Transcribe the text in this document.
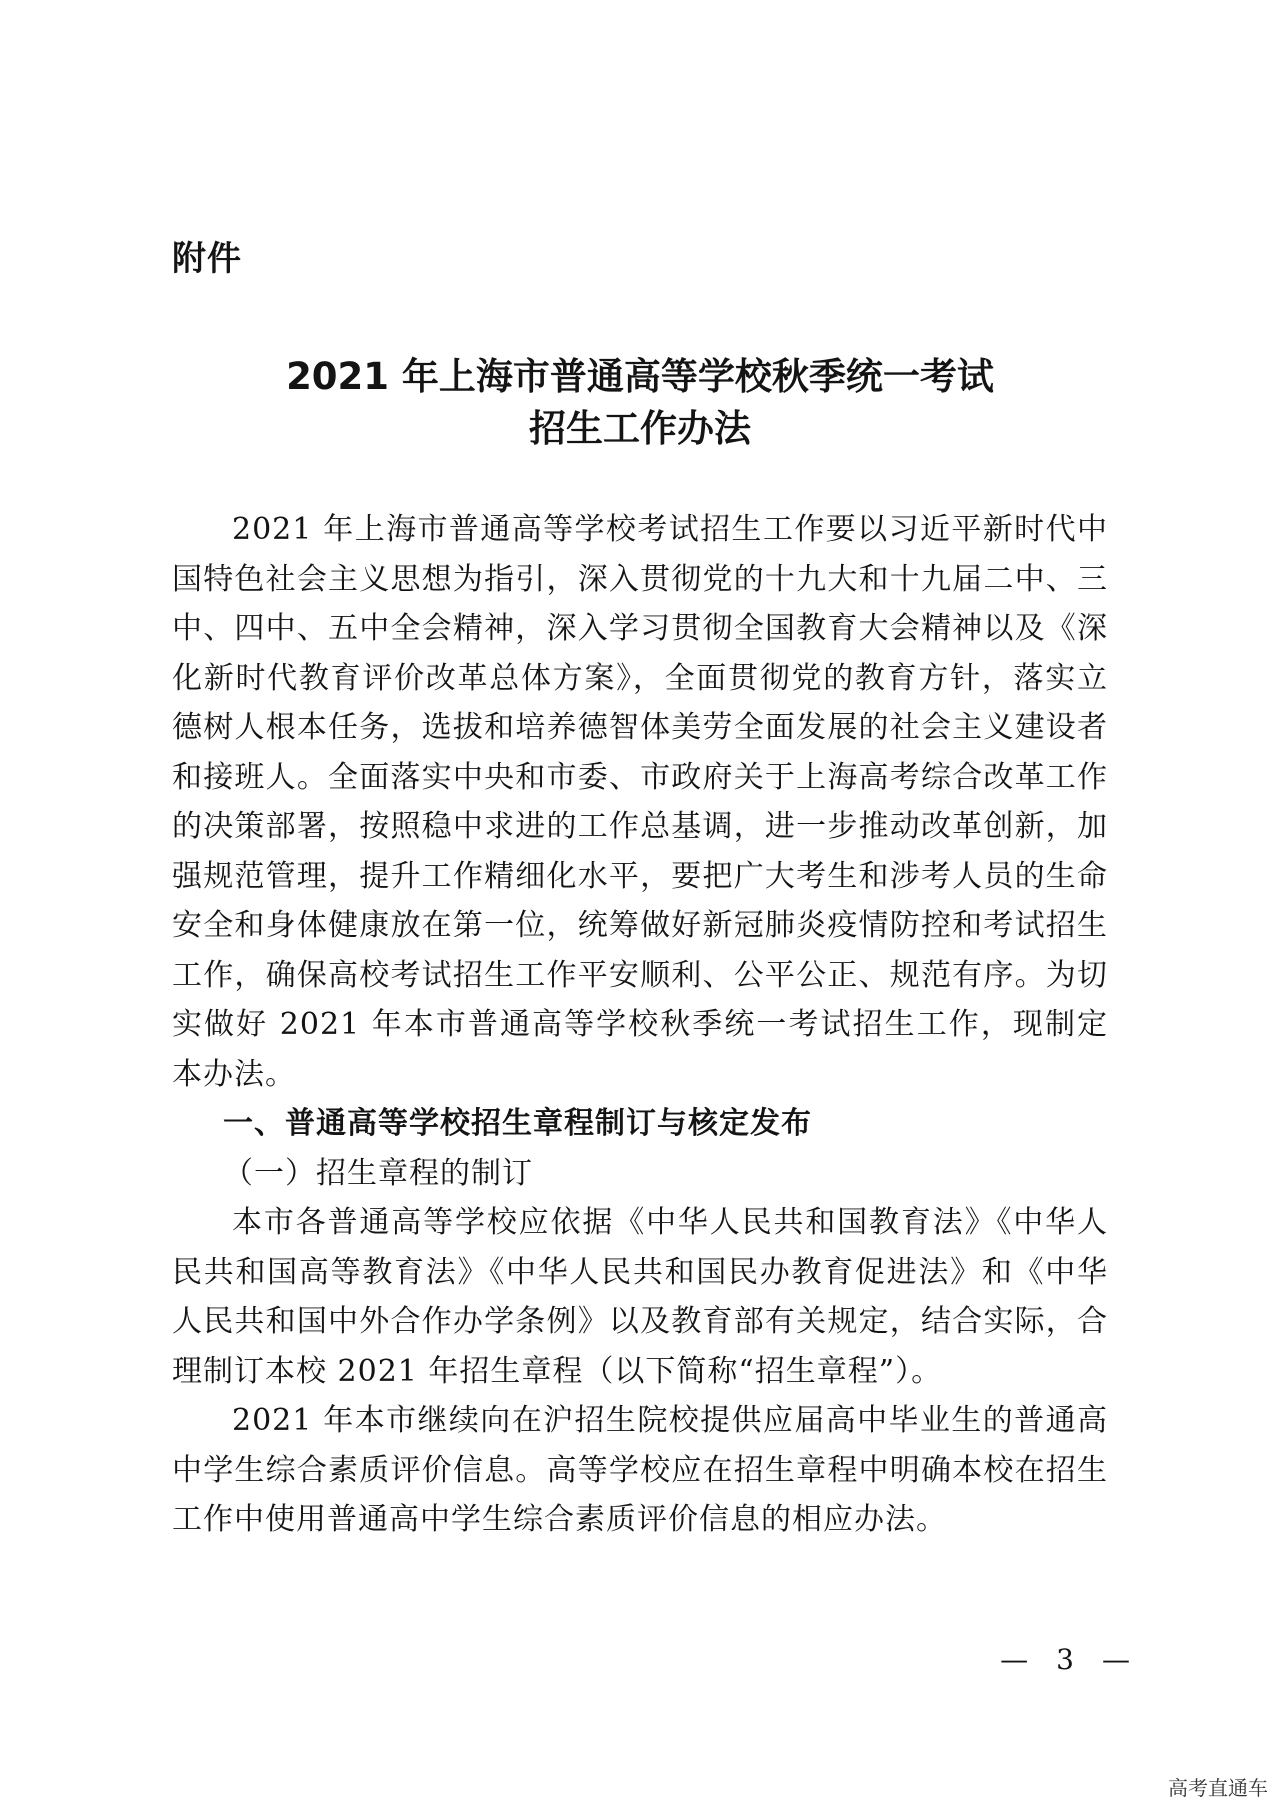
附件
2021 年上海市普通高等学校秋季统一考试
招生工作办法

2021 年上海市普通高等学校考试招生工作要以习近平新时代中国特色社会主义思想为指引，深入贯彻党的十九大和十九届二中、三中、四中、五中全会精神，深入学习贯彻全国教育大会精神以及《深化新时代教育评价改革总体方案》，全面贯彻党的教育方针，落实立德树人根本任务，选拔和培养德智体美劳全面发展的社会主义建设者和接班人。全面落实中央和市委、市政府关于上海高考综合改革工作的决策部署，按照稳中求进的工作总基调，进一步推动改革创新，加强规范管理，提升工作精细化水平，要把广大考生和涉考人员的生命安全和身体健康放在第一位，统筹做好新冠肺炎疫情防控和考试招生工作，确保高校考试招生工作平安顺利、公平公正、规范有序。为切实做好 2021 年本市普通高等学校秋季统一考试招生工作，现制定本办法。

一、普通高等学校招生章程制订与核定发布

（一）招生章程的制订

本市各普通高等学校应依据《中华人民共和国教育法》《中华人民共和国高等教育法》《中华人民共和国民办教育促进法》和《中华人民共和国中外合作办学条例》以及教育部有关规定，结合实际，合理制订本校 2021 年招生章程（以下简称“招生章程”）。

2021 年本市继续向在沪招生院校提供应届高中毕业生的普通高中学生综合素质评价信息。高等学校应在招生章程中明确本校在招生工作中使用普通高中学生综合素质评价信息的相应办法。

—　3　—
高考直通车
